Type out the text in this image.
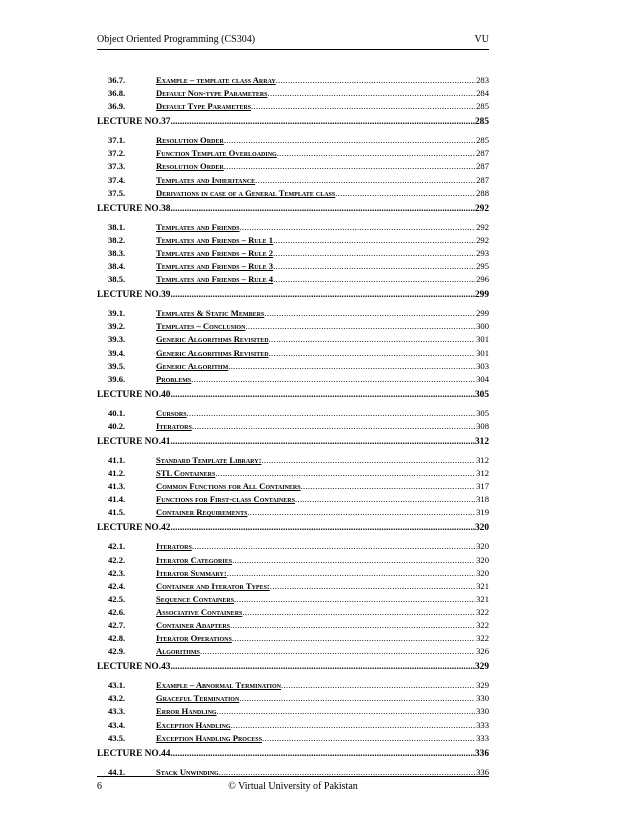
Object Oriented Programming (CS304)	VU
36.7.	Example – template class Array .....	283
36.8.	Default Non-type Parameters .....	284
36.9.	Default Type Parameters .....	285
LECTURE NO.37 .....	285
37.1.	Resolution Order .....	285
37.2.	Function Template Overloading .....	287
37.3.	Resolution Order .....	287
37.4.	Templates and Inheritance .....	287
37.5.	Derivations in case of a General Template class .....	288
LECTURE NO.38 .....	292
38.1.	Templates and Friends .....	292
38.2.	Templates and Friends – Rule 1 .....	292
38.3.	Templates and Friends – Rule 2 .....	293
38.4.	Templates and Friends – Rule 3 .....	295
38.5.	Templates and Friends – Rule 4 .....	296
LECTURE NO.39 .....	299
39.1.	Templates & Static Members .....	299
39.2.	Templates – Conclusion .....	300
39.3.	Generic Algorithms Revisited .....	301
39.4.	Generic Algorithms Revisited .....	301
39.5.	Generic Algorithm .....	303
39.6.	Problems .....	304
LECTURE NO.40 .....	305
40.1.	Cursors .....	305
40.2.	Iterators .....	308
LECTURE NO.41 .....	312
41.1.	Standard Template Library: .....	312
41.2.	STL Containers .....	312
41.3.	Common Functions for All Containers .....	317
41.4.	Functions for First-class Containers .....	318
41.5.	Container Requirements .....	319
LECTURE NO.42 .....	320
42.1.	Iterators .....	320
42.2.	Iterator Categories .....	320
42.3.	Iterator Summary: .....	320
42.4.	Container and Iterator Types: .....	321
42.5.	Sequence Containers .....	321
42.6.	Associative Containers .....	322
42.7.	Container Adapters .....	322
42.8.	Iterator Operations .....	322
42.9.	Algorithms .....	326
LECTURE NO.43 .....	329
43.1.	Example – Abnormal Termination .....	329
43.2.	Graceful Termination .....	330
43.3.	Error Handling .....	330
43.4.	Exception Handling .....	333
43.5.	Exception Handling Process .....	333
LECTURE NO.44 .....	336
44.1.	Stack Unwinding .....	336
6	© Virtual University of Pakistan
